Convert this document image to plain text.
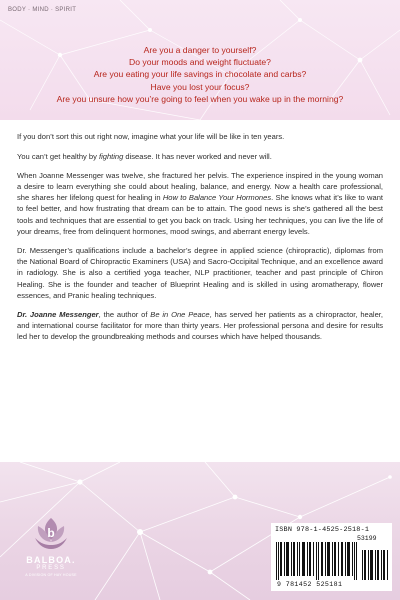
BODY · MIND · SPIRIT
Are you a danger to yourself?
Do your moods and weight fluctuate?
Are you eating your life savings in chocolate and carbs?
Have you lost your focus?
Are you unsure how you’re going to feel when you wake up in the morning?

If you don’t sort this out right now, imagine what your life will be like in ten years.

You can’t get healthy by fighting disease. It has never worked and never will.

When Joanne Messenger was twelve, she fractured her pelvis. The experience inspired in the young woman a desire to learn everything she could about healing, balance, and energy. Now a health care professional, she shares her lifelong quest for healing in How to Balance Your Hormones. She knows what it’s like to want to feel better, and how frustrating that dream can be to attain. The good news is she’s gathered all the best tools and techniques that are essential to get you back on track. Using her techniques, you can live the life of your dreams, free from delinquent hormones, mood swings, and aberrant energy levels.

Dr. Messenger’s qualifications include a bachelor’s degree in applied science (chiropractic), diplomas from the National Board of Chiropractic Examiners (USA) and Sacro-Occipital Technique, and an excellence award in radiology. She is also a certified yoga teacher, NLP practitioner, teacher and past principle of Chiron Healing. She is the founder and teacher of Blueprint Healing and is skilled in using aromatherapy, flower essences, and Pranic healing techniques.

Dr. Joanne Messenger, the author of Be in One Peace, has served her patients as a chiropractor, healer, and international course facilitator for more than thirty years. Her professional persona and desire for results led her to develop the groundbreaking methods and courses which have helped thousands.

b
BALBOA.
PRESS
A DIVISION OF HAY HOUSE
ISBN 978-1-4525-2518-1
53199
9 781452 525181
